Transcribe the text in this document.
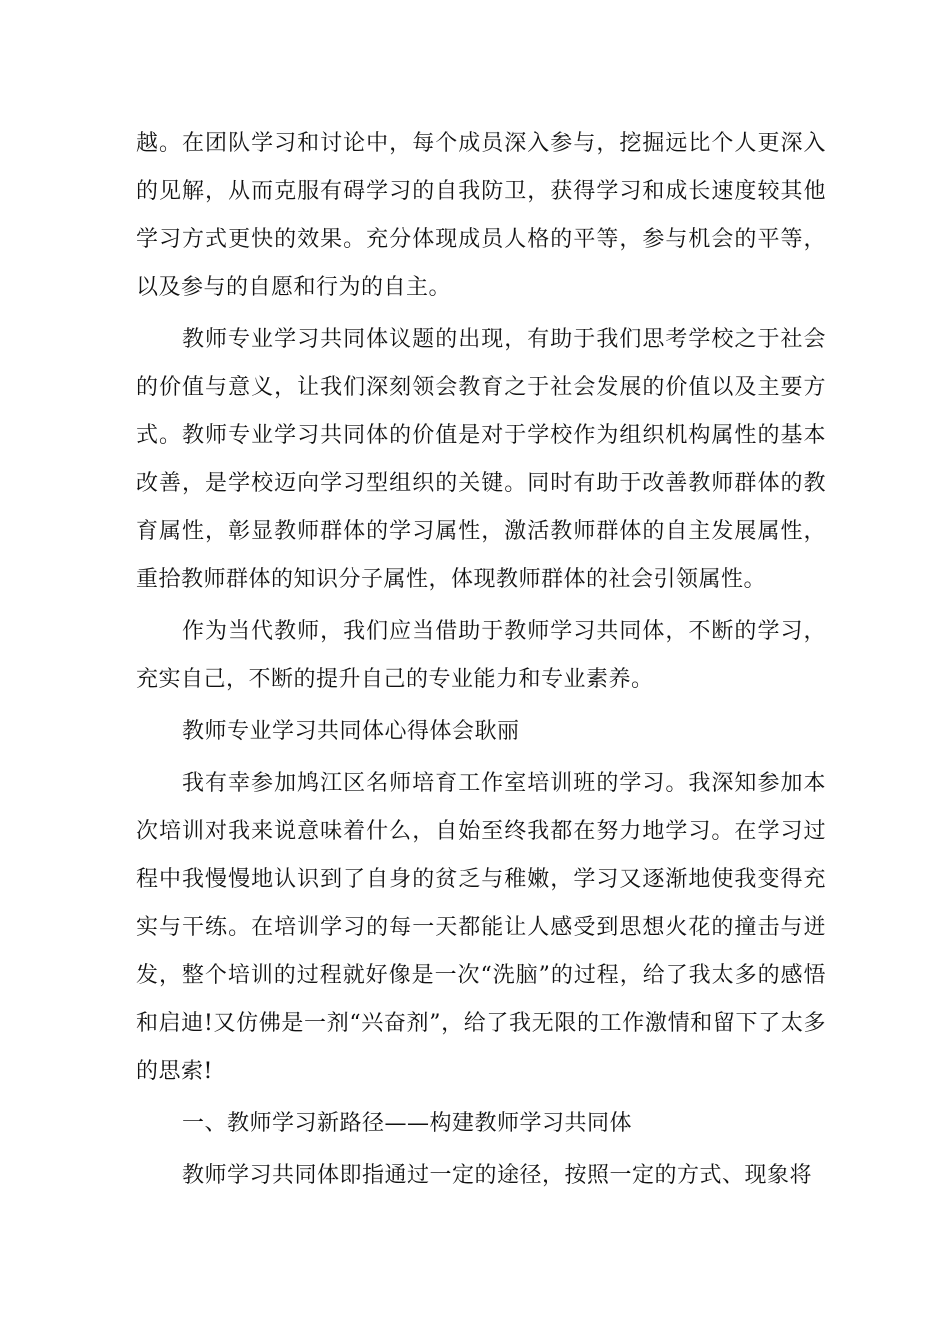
越。在团队学习和讨论中，每个成员深入参与，挖掘远比个人更深入的见解，从而克服有碍学习的自我防卫，获得学习和成长速度较其他学习方式更快的效果。充分体现成员人格的平等，参与机会的平等，以及参与的自愿和行为的自主。

教师专业学习共同体议题的出现，有助于我们思考学校之于社会的价值与意义，让我们深刻领会教育之于社会发展的价值以及主要方式。教师专业学习共同体的价值是对于学校作为组织机构属性的基本改善，是学校迈向学习型组织的关键。同时有助于改善教师群体的教育属性，彰显教师群体的学习属性，激活教师群体的自主发展属性，重拾教师群体的知识分子属性，体现教师群体的社会引领属性。

作为当代教师，我们应当借助于教师学习共同体，不断的学习，充实自己，不断的提升自己的专业能力和专业素养。

教师专业学习共同体心得体会耿丽

我有幸参加鸠江区名师培育工作室培训班的学习。我深知参加本次培训对我来说意味着什么，自始至终我都在努力地学习。在学习过程中我慢慢地认识到了自身的贫乏与稚嫩，学习又逐渐地使我变得充实与干练。在培训学习的每一天都能让人感受到思想火花的撞击与迸发，整个培训的过程就好像是一次“洗脑”的过程，给了我太多的感悟和启迪!又仿佛是一剂“兴奋剂”，给了我无限的工作激情和留下了太多的思索!

一、教师学习新路径——构建教师学习共同体

教师学习共同体即指通过一定的途径，按照一定的方式、现象将
